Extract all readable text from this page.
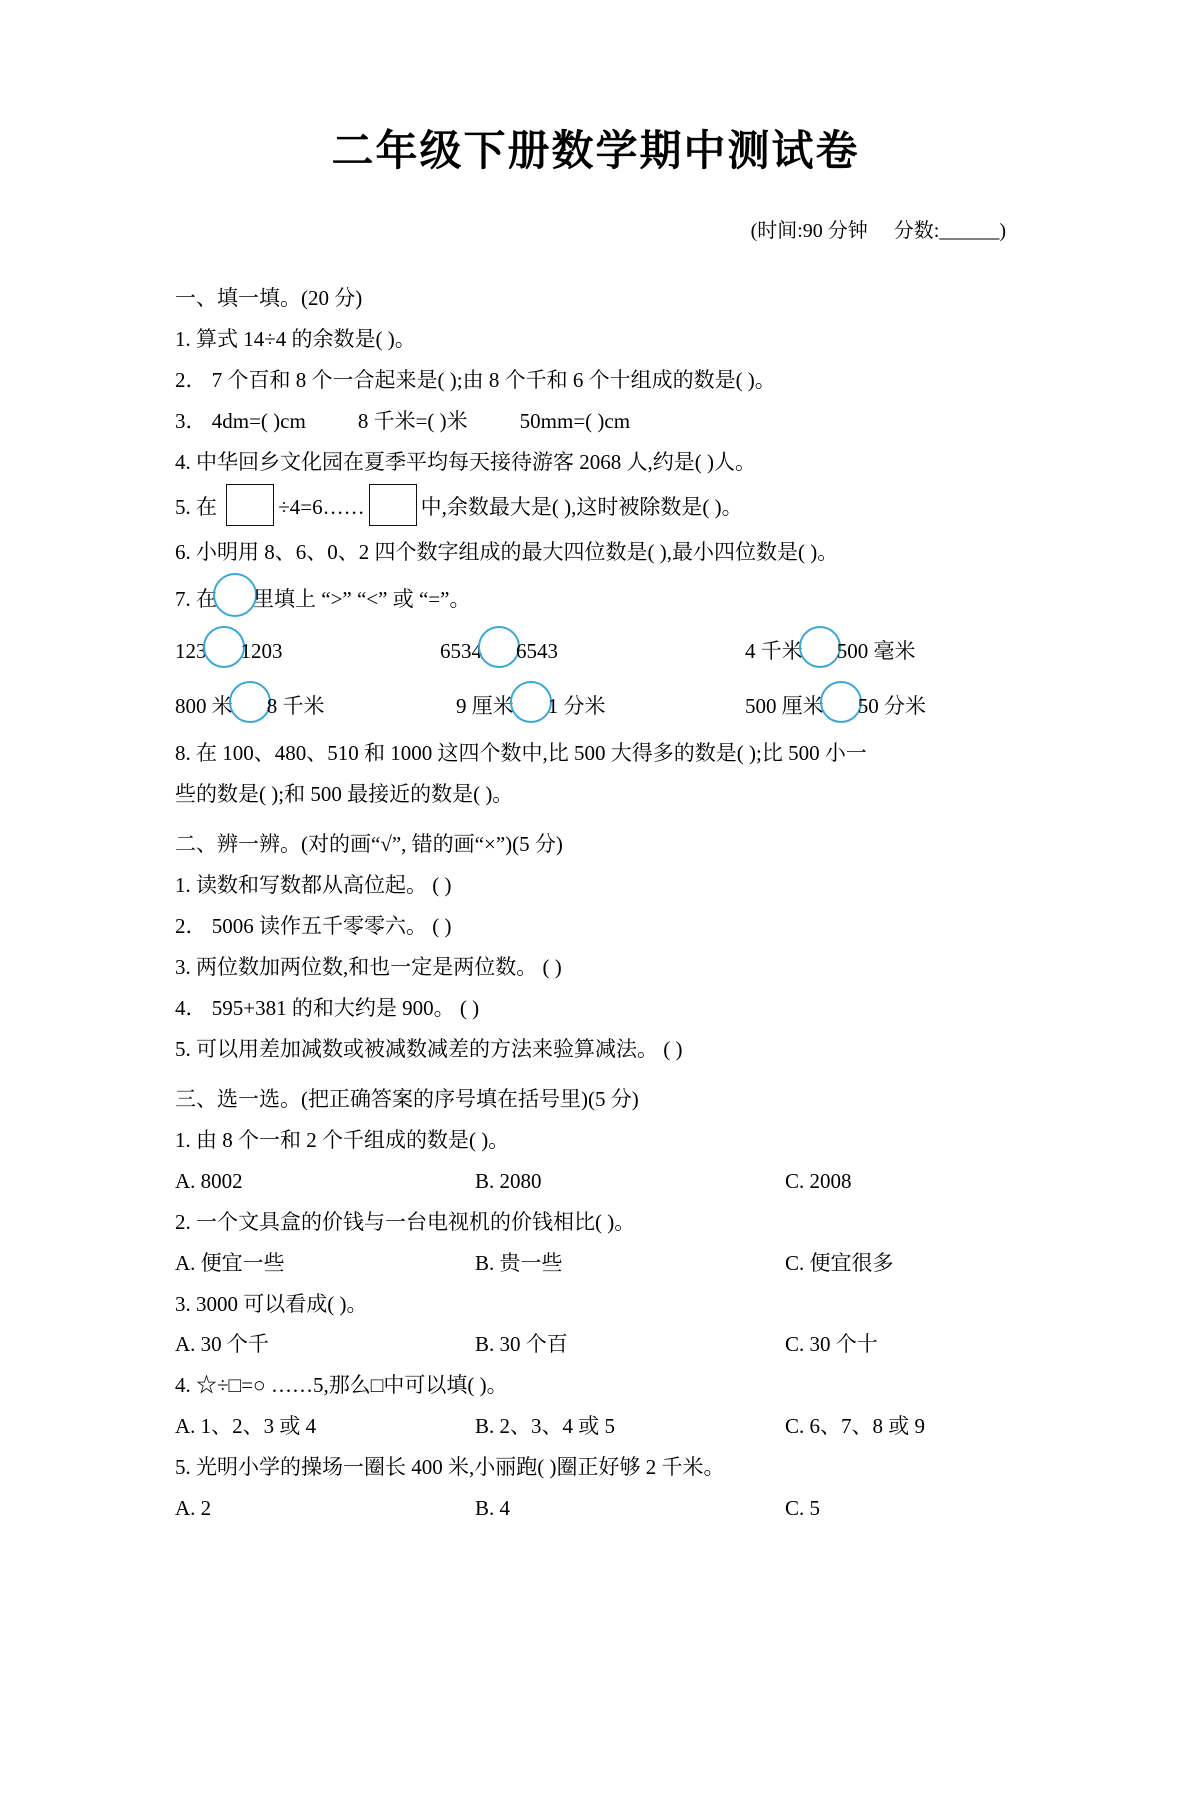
二年级下册数学期中测试卷
(时间:90 分钟 分数:______)
一、填一填。(20 分)

1. 算式 14÷4 的余数是( )。

2． 7 个百和 8 个一合起来是( );由 8 个千和 6 个十组成的数是( )。

3． 4dm=( )cm 8 千米=( )米 50mm=( )cm

4. 中华回乡文化园在夏季平均每天接待游客 2068 人,约是( )人。

5. 在	÷4=6……	中,余数最大是( ),这时被除数是( )。

6. 小明用 8、6、0、2 四个数字组成的最大四位数是( ),最小四位数是( )。

7. 在 里填上 “>” “<” 或 “=”。

123 1203	6534 6543	4 千米 500 毫米
800 米 8 千米	9 厘米 1 分米	500 厘米 50 分米

8. 在 100、480、510 和 1000 这四个数中,比 500 大得多的数是( );比 500 小一

些的数是( );和 500 最接近的数是( )。

二、辨一辨。(对的画“√”, 错的画“×”)(5 分)

1. 读数和写数都从高位起。 ( )

2． 5006 读作五千零零六。 ( )

3. 两位数加两位数,和也一定是两位数。 ( )

4． 595+381 的和大约是 900。 ( )

5. 可以用差加减数或被减数减差的方法来验算减法。 ( )

三、选一选。(把正确答案的序号填在括号里)(5 分)

1. 由 8 个一和 2 个千组成的数是( )。

A. 8002	B. 2080	C. 2008

2. 一个文具盒的价钱与一台电视机的价钱相比( )。

A. 便宜一些	B. 贵一些	C. 便宜很多

3. 3000 可以看成( )。

A. 30 个千	B. 30 个百	C. 30 个十

4. ☆÷□=○ ……5,那么□中可以填( )。

A. 1、2、3 或 4	B. 2、3、4 或 5	C. 6、7、8 或 9

5. 光明小学的操场一圈长 400 米,小丽跑( )圈正好够 2 千米。

A. 2	B. 4	C. 5
